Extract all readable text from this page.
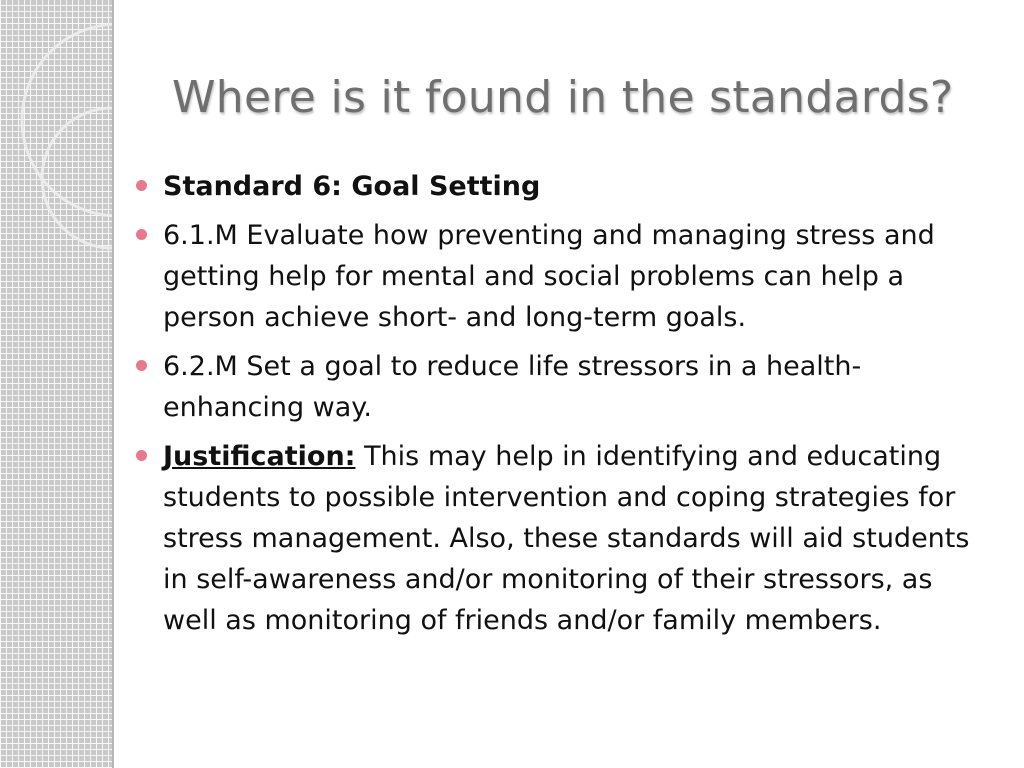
Where is it found in the standards?
Standard 6: Goal Setting
6.1.M Evaluate how preventing and managing stress and getting help for mental and social problems can help a person achieve short- and long-term goals.
6.2.M Set a goal to reduce life stressors in a health-enhancing way.
Justification: This may help in identifying and educating students to possible intervention and coping strategies for stress management. Also, these standards will aid students in self-awareness and/or monitoring of their stressors, as well as monitoring of friends and/or family members.
